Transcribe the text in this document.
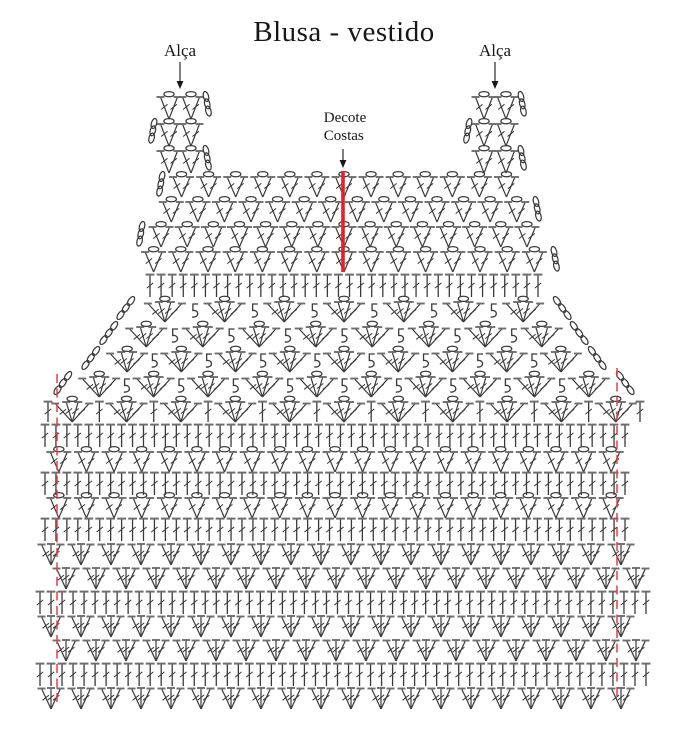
Blusa - vestido
Alça	Alça
Decote
Costas
